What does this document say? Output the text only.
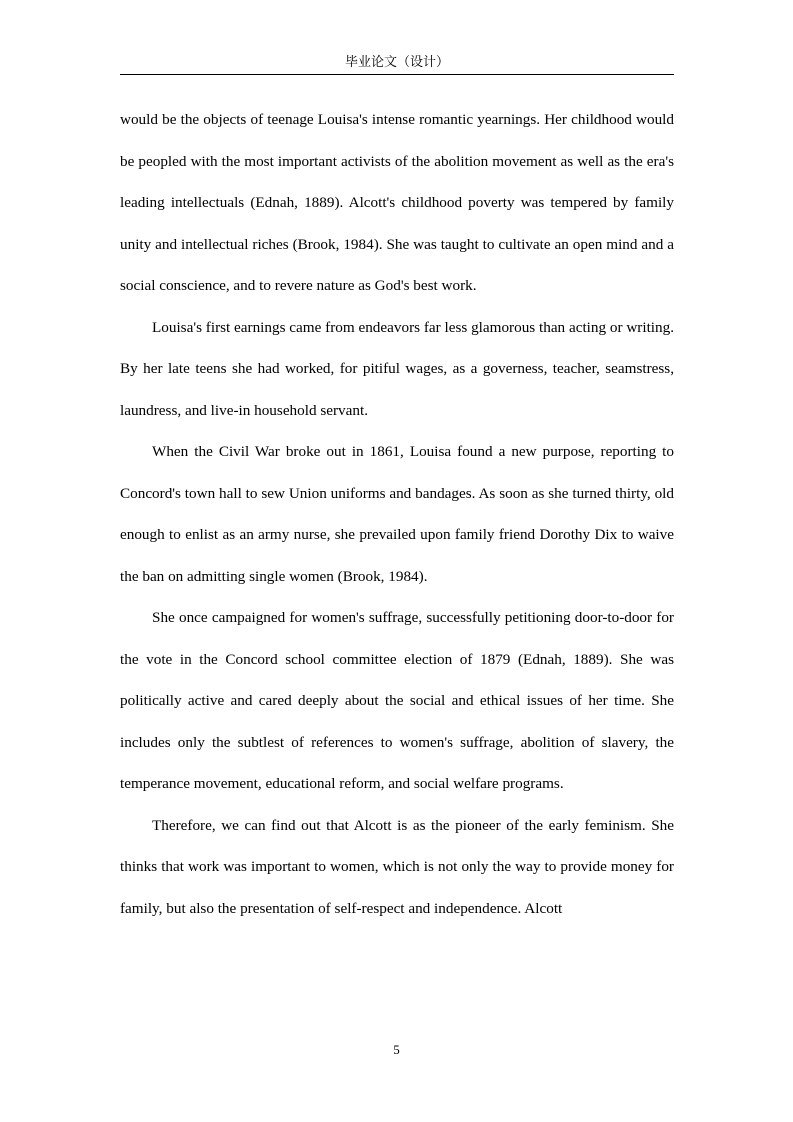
毕业论文（设计）

would be the objects of teenage Louisa's intense romantic yearnings. Her childhood would be peopled with the most important activists of the abolition movement as well as the era's leading intellectuals (Ednah, 1889). Alcott's childhood poverty was tempered by family unity and intellectual riches (Brook, 1984). She was taught to cultivate an open mind and a social conscience, and to revere nature as God's best work.

Louisa's first earnings came from endeavors far less glamorous than acting or writing. By her late teens she had worked, for pitiful wages, as a governess, teacher, seamstress, laundress, and live-in household servant.

When the Civil War broke out in 1861, Louisa found a new purpose, reporting to Concord's town hall to sew Union uniforms and bandages. As soon as she turned thirty, old enough to enlist as an army nurse, she prevailed upon family friend Dorothy Dix to waive the ban on admitting single women (Brook, 1984).

She once campaigned for women's suffrage, successfully petitioning door-to-door for the vote in the Concord school committee election of 1879 (Ednah, 1889). She was politically active and cared deeply about the social and ethical issues of her time. She includes only the subtlest of references to women's suffrage, abolition of slavery, the temperance movement, educational reform, and social welfare programs.

Therefore, we can find out that Alcott is as the pioneer of the early feminism. She thinks that work was important to women, which is not only the way to provide money for family, but also the presentation of self-respect and independence. Alcott

5
